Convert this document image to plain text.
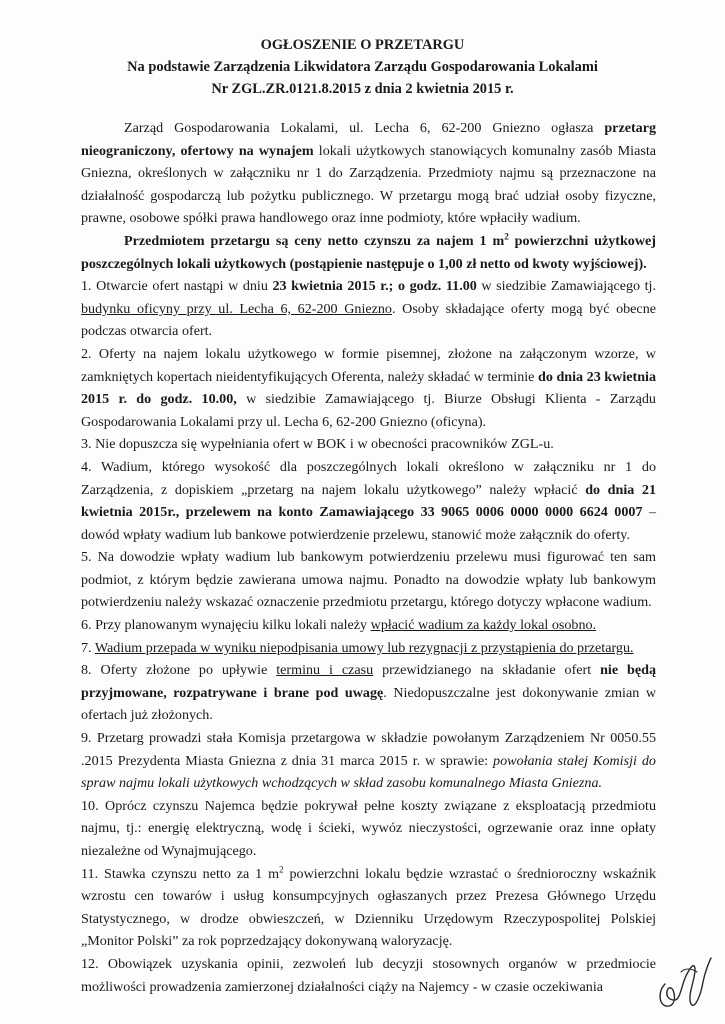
OGŁOSZENIE O PRZETARGU
Na podstawie Zarządzenia Likwidatora Zarządu Gospodarowania Lokalami
Nr ZGL.ZR.0121.8.2015 z dnia 2 kwietnia 2015 r.

Zarząd Gospodarowania Lokalami, ul. Lecha 6, 62-200 Gniezno ogłasza przetarg nieograniczony, ofertowy na wynajem lokali użytkowych stanowiących komunalny zasób Miasta Gniezna, określonych w załączniku nr 1 do Zarządzenia. Przedmioty najmu są przeznaczone na działalność gospodarczą lub pożytku publicznego. W przetargu mogą brać udział osoby fizyczne, prawne, osobowe spółki prawa handlowego oraz inne podmioty, które wpłaciły wadium.

Przedmiotem przetargu są ceny netto czynszu za najem 1 $m^2$ powierzchni użytkowej poszczególnych lokali użytkowych (postąpienie następuje o 1,00 zł netto od kwoty wyjściowej).

1. Otwarcie ofert nastąpi w dniu 23 kwietnia 2015 r.; o godz. 11.00 w siedzibie Zamawiającego tj. budynku oficyny przy ul. Lecha 6, 62-200 Gniezno. Osoby składające oferty mogą być obecne podczas otwarcia ofert.

2. Oferty na najem lokalu użytkowego w formie pisemnej, złożone na załączonym wzorze, w zamkniętych kopertach nieidentyfikujących Oferenta, należy składać w terminie do dnia 23 kwietnia 2015 r. do godz. 10.00, w siedzibie Zamawiającego tj. Biurze Obsługi Klienta - Zarządu Gospodarowania Lokalami przy ul. Lecha 6, 62-200 Gniezno (oficyna).

3. Nie dopuszcza się wypełniania ofert w BOK i w obecności pracowników ZGL-u.

4. Wadium, którego wysokość dla poszczególnych lokali określono w załączniku nr 1 do Zarządzenia, z dopiskiem „przetarg na najem lokalu użytkowego” należy wpłacić do dnia 21 kwietnia 2015r., przelewem na konto Zamawiającego 33 9065 0006 0000 0000 6624 0007 – dowód wpłaty wadium lub bankowe potwierdzenie przelewu, stanowić może załącznik do oferty.

5. Na dowodzie wpłaty wadium lub bankowym potwierdzeniu przelewu musi figurować ten sam podmiot, z którym będzie zawierana umowa najmu. Ponadto na dowodzie wpłaty lub bankowym potwierdzeniu należy wskazać oznaczenie przedmiotu przetargu, którego dotyczy wpłacone wadium.

6. Przy planowanym wynajęciu kilku lokali należy wpłacić wadium za każdy lokal osobno.

7. Wadium przepada w wyniku niepodpisania umowy lub rezygnacji z przystąpienia do przetargu.

8. Oferty złożone po upływie terminu i czasu przewidzianego na składanie ofert nie będą przyjmowane, rozpatrywane i brane pod uwagę. Niedopuszczalne jest dokonywanie zmian w ofertach już złożonych.

9. Przetarg prowadzi stała Komisja przetargowa w składzie powołanym Zarządzeniem Nr 0050.55 .2015 Prezydenta Miasta Gniezna z dnia 31 marca 2015 r. w sprawie: powołania stałej Komisji do spraw najmu lokali użytkowych wchodzących w skład zasobu komunalnego Miasta Gniezna.

10. Oprócz czynszu Najemca będzie pokrywał pełne koszty związane z eksploatacją przedmiotu najmu, tj.: energię elektryczną, wodę i ścieki, wywóz nieczystości, ogrzewanie oraz inne opłaty niezależne od Wynajmującego.

11. Stawka czynszu netto za 1 $m^2$ powierzchni lokalu będzie wzrastać o średnioroczny wskaźnik wzrostu cen towarów i usług konsumpcyjnych ogłaszanych przez Prezesa Głównego Urzędu Statystycznego, w drodze obwieszczeń, w Dzienniku Urzędowym Rzeczypospolitej Polskiej „Monitor Polski” za rok poprzedzający dokonywaną waloryzację.

12. Obowiązek uzyskania opinii, zezwoleń lub decyzji stosownych organów w przedmiocie możliwości prowadzenia zamierzonej działalności ciąży na Najemcy - w czasie oczekiwania
